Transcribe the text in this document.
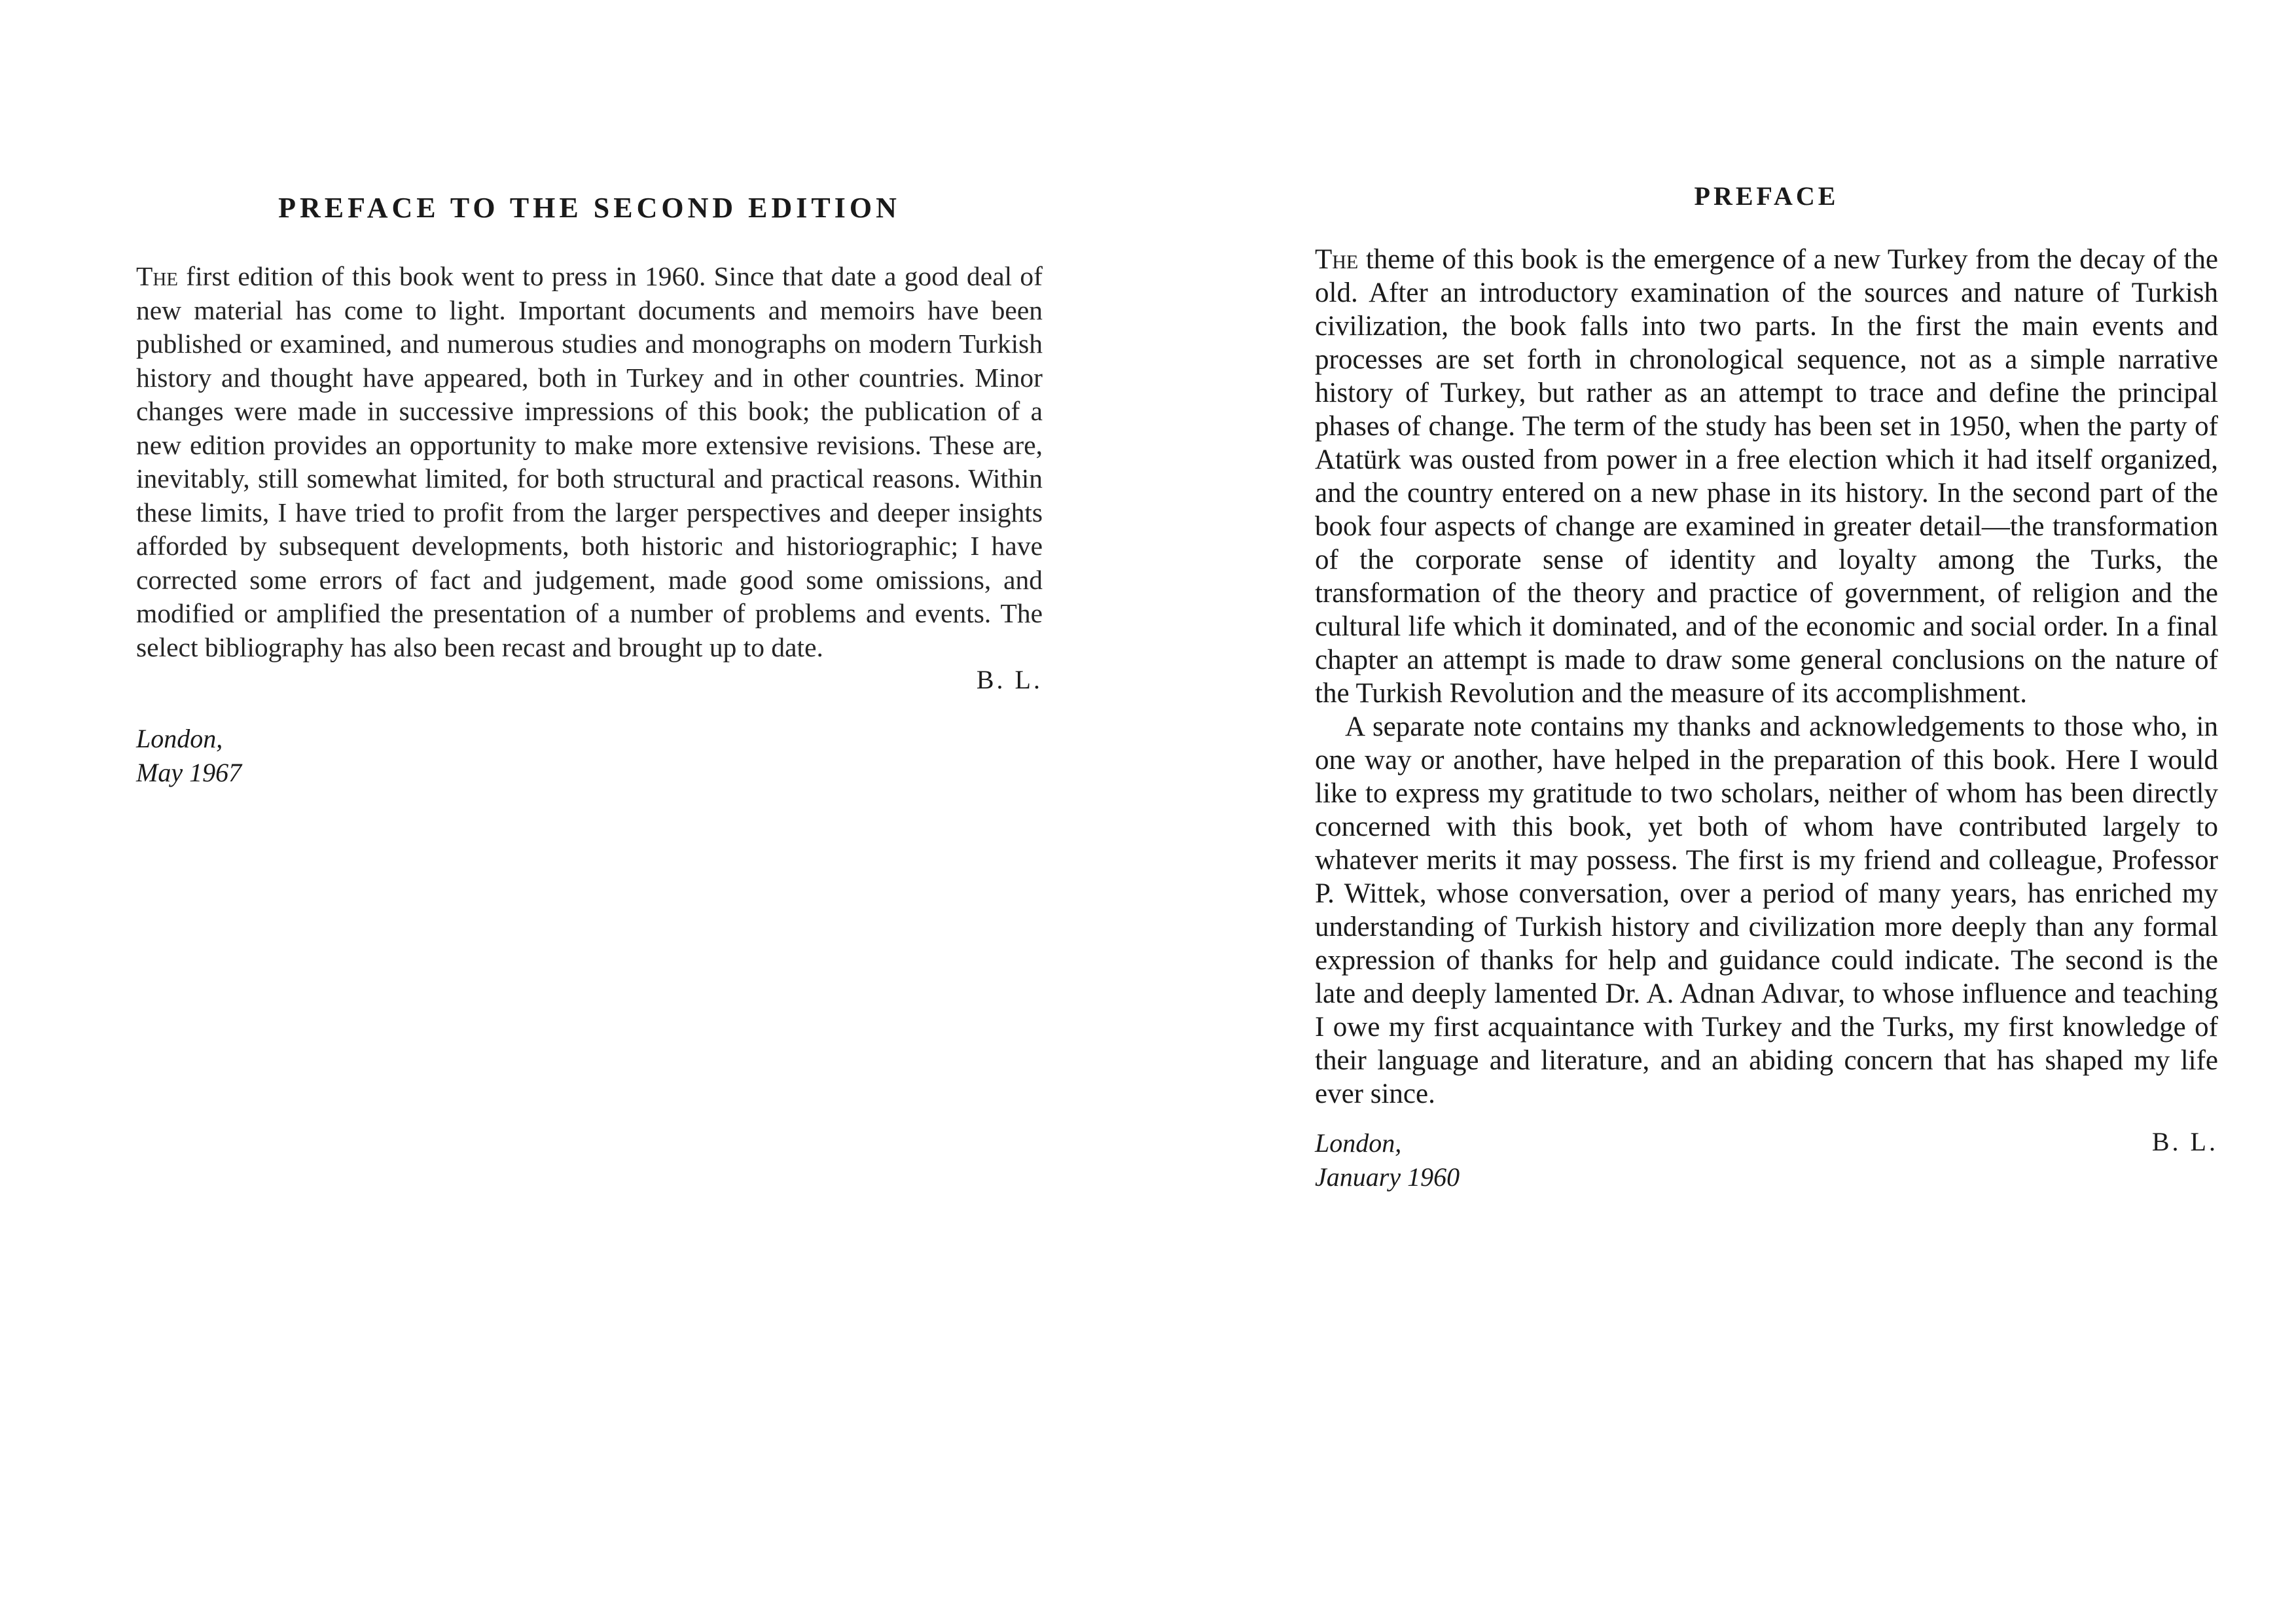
PREFACE TO THE SECOND EDITION

The first edition of this book went to press in 1960. Since that date a good deal of new material has come to light. Important documents and memoirs have been published or examined, and numerous studies and monographs on modern Turkish history and thought have appeared, both in Turkey and in other countries. Minor changes were made in successive impressions of this book; the publication of a new edition provides an opportunity to make more extensive revisions. These are, inevitably, still somewhat limited, for both structural and practical reasons. Within these limits, I have tried to profit from the larger perspectives and deeper insights afforded by subsequent developments, both historic and historiographic; I have corrected some errors of fact and judgement, made good some omissions, and modified or amplified the presentation of a number of problems and events. The select bibliography has also been recast and brought up to date.

B. L.

London,

May 1967

PREFACE

The theme of this book is the emergence of a new Turkey from the decay of the old. After an introductory examination of the sources and nature of Turkish civilization, the book falls into two parts. In the first the main events and processes are set forth in chronological sequence, not as a simple narrative history of Turkey, but rather as an attempt to trace and define the principal phases of change. The term of the study has been set in 1950, when the party of Atatürk was ousted from power in a free election which it had itself organized, and the country entered on a new phase in its history. In the second part of the book four aspects of change are examined in greater detail—the transformation of the corporate sense of identity and loyalty among the Turks, the transformation of the theory and practice of government, of religion and the cultural life which it dominated, and of the economic and social order. In a final chapter an attempt is made to draw some general conclusions on the nature of the Turkish Revolution and the measure of its accomplishment.

A separate note contains my thanks and acknowledgements to those who, in one way or another, have helped in the preparation of this book. Here I would like to express my gratitude to two scholars, neither of whom has been directly concerned with this book, yet both of whom have contributed largely to whatever merits it may possess. The first is my friend and colleague, Professor P. Wittek, whose conversation, over a period of many years, has enriched my understanding of Turkish history and civilization more deeply than any formal expression of thanks for help and guidance could indicate. The second is the late and deeply lamented Dr. A. Adnan Adıvar, to whose influence and teaching I owe my first acquaintance with Turkey and the Turks, my first knowledge of their language and literature, and an abiding concern that has shaped my life ever since.

London,

January 1960

B. L.
